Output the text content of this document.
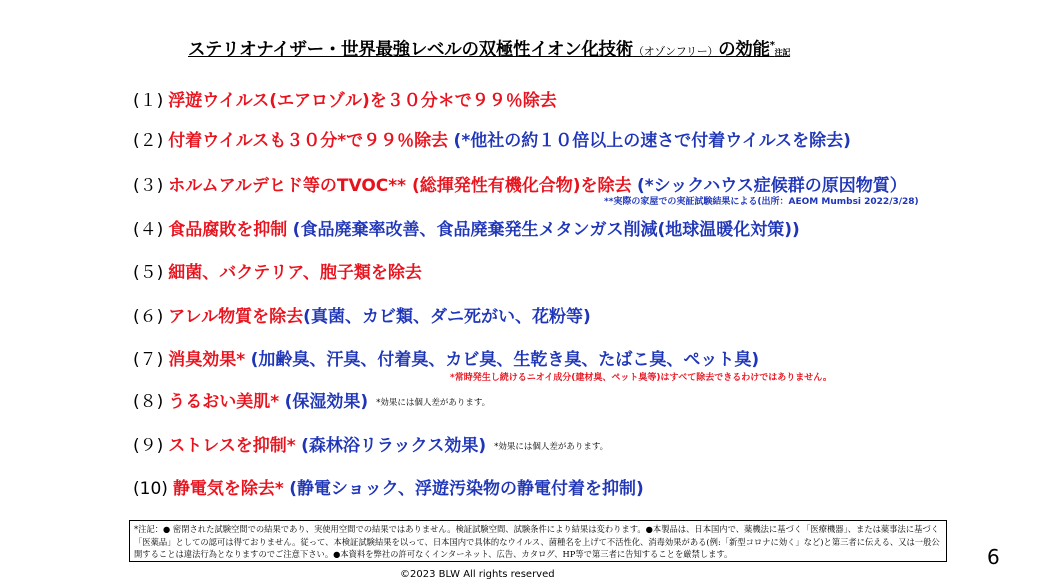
ステリオナイザー・世界最強レベルの双極性イオン化技術（オゾンフリー）の効能*注記
(１) 浮遊ウイルス(エアロゾル)を３０分＊で９９％除去
(２) 付着ウイルスも３０分*で９９％除去 (*他社の約１０倍以上の速さで付着ウイルスを除去)
(３) ホルムアルデヒド等のTVOC** (総揮発性有機化合物)を除去 (*シックハウス症候群の原因物質）
**実際の家屋での実証試験結果による(出所：AEOM Mumbsi 2022/3/28)
(４) 食品腐敗を抑制 (食品廃棄率改善、食品廃棄発生メタンガス削減(地球温暖化対策))
(５) 細菌、バクテリア、胞子類を除去
(６) アレル物質を除去(真菌、カビ類、ダニ死がい、花粉等)
(７) 消臭効果* (加齢臭、汗臭、付着臭、カビ臭、生乾き臭、たばこ臭、ペット臭)
*常時発生し続けるニオイ成分(建材臭、ペット臭等)はすべて除去できるわけではありません。
(８) うるおい美肌* (保湿効果) *効果には個人差があります。
(９) ストレスを抑制* (森林浴リラックス効果) *効果には個人差があります。
(10) 静電気を除去* (静電ショック、浮遊汚染物の静電付着を抑制)
*注記：● 密閉された試験空間での結果であり、実使用空間での結果ではありません。検証試験空間、試験条件により結果は変わります。●本製品は、日本国内で、薬機法に基づく「医療機器」、または薬事法に基づく「医薬品」としての認可は得ておりません。従って、本検証試験結果を以って、日本国内で具体的なウイルス、菌種名を上げて不活性化、消毒効果がある(例:「新型コロナに効く」など)と第三者に伝える、又は一般公開することは違法行為となりますのでご注意下さい。●本資料を弊社の許可なくインターネット、広告、カタログ、HP等で第三者に告知することを厳禁します。	6
©2023 BLW All rights reserved
